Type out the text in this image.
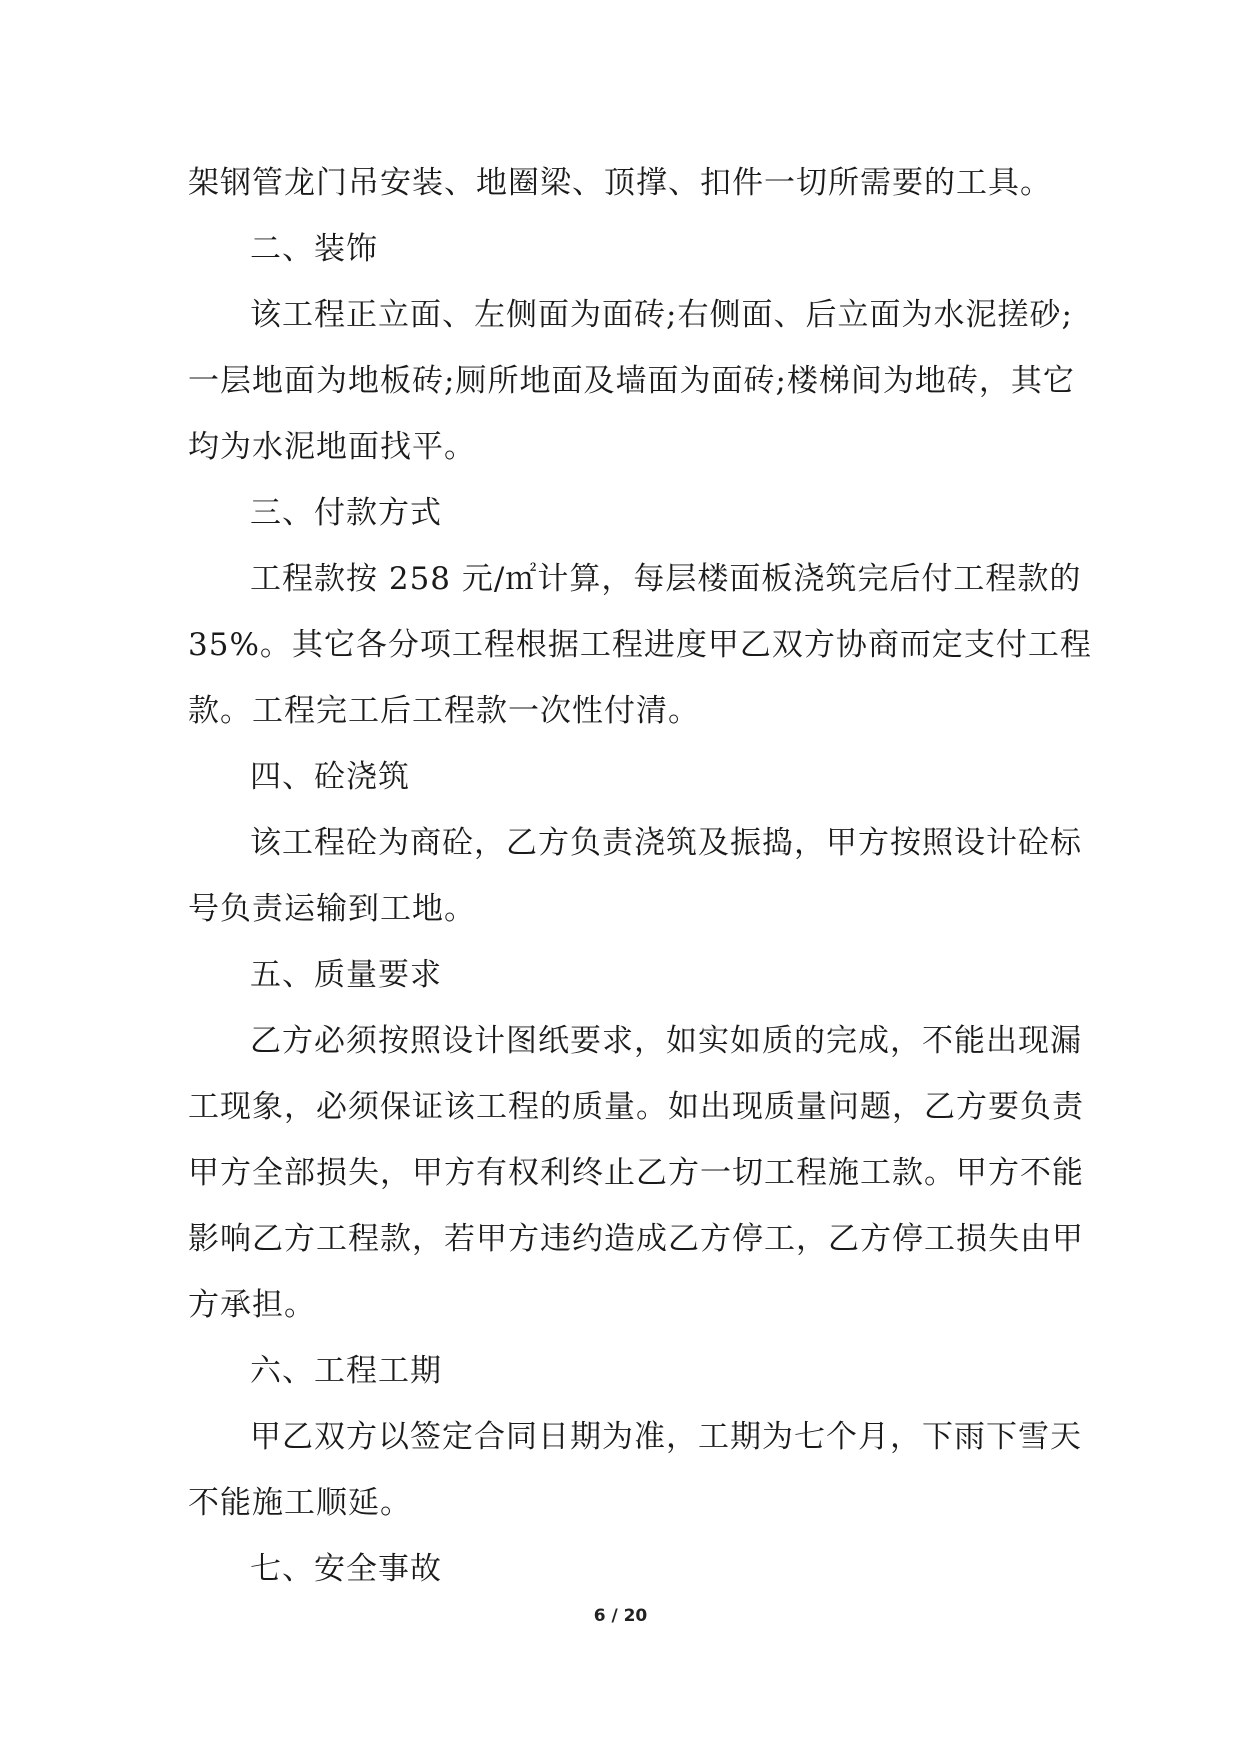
架钢管龙门吊安装、地圈梁、顶撑、扣件一切所需要的工具。
二、装饰
该工程正立面、左侧面为面砖;右侧面、后立面为水泥搓砂;
一层地面为地板砖;厕所地面及墙面为面砖;楼梯间为地砖，其它
均为水泥地面找平。
三、付款方式
工程款按 258 元/㎡计算，每层楼面板浇筑完后付工程款的
35%。其它各分项工程根据工程进度甲乙双方协商而定支付工程
款。工程完工后工程款一次性付清。
四、砼浇筑
该工程砼为商砼，乙方负责浇筑及振捣，甲方按照设计砼标
号负责运输到工地。
五、质量要求
乙方必须按照设计图纸要求，如实如质的完成，不能出现漏
工现象，必须保证该工程的质量。如出现质量问题，乙方要负责
甲方全部损失，甲方有权利终止乙方一切工程施工款。甲方不能
影响乙方工程款，若甲方违约造成乙方停工，乙方停工损失由甲
方承担。
六、工程工期
甲乙双方以签定合同日期为准，工期为七个月，下雨下雪天
不能施工顺延。
七、安全事故
6 / 20
